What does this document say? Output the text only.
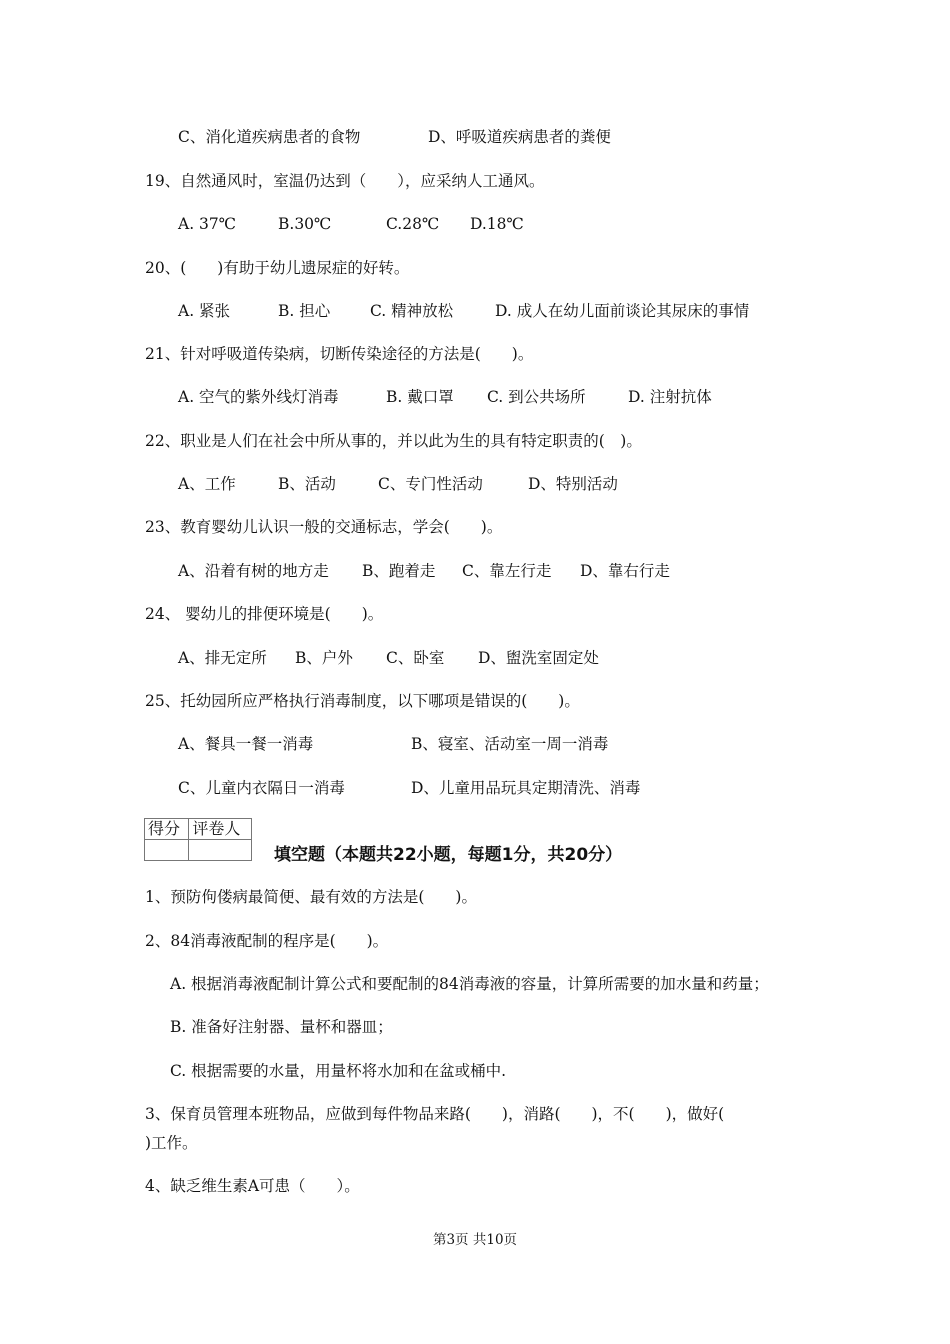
C、消化道疾病患者的食物	D、呼吸道疾病患者的粪便
19、自然通风时，室温仍达到（　　），应采纳人工通风。
A. 37℃	B.30℃	C.28℃ D.18℃
20、(　　)有助于幼儿遗尿症的好转。
A. 紧张	B. 担心	C. 精神放松	D. 成人在幼儿面前谈论其尿床的事情
21、针对呼吸道传染病，切断传染途径的方法是(　　)。
A. 空气的紫外线灯消毒	B. 戴口罩 C. 到公共场所	D. 注射抗体
22、职业是人们在社会中所从事的，并以此为生的具有特定职责的(　)。
A、工作	B、活动	C、专门性活动	D、特别活动
23、教育婴幼儿认识一般的交通标志，学会(　　)。
A、沿着有树的地方走 B、跑着走 C、靠左行走 D、靠右行走
24、 婴幼儿的排便环境是(　　)。
A、排无定所 B、户外 C、卧室 D、盥洗室固定处
25、托幼园所应严格执行消毒制度，以下哪项是错误的(　　)。
A、餐具一餐一消毒	B、寝室、活动室一周一消毒
C、儿童内衣隔日一消毒	D、儿童用品玩具定期清洗、消毒
得分	评卷人

填空题（本题共22小题，每题1分，共20分）
1、预防佝偻病最简便、最有效的方法是(　　)。
2、84消毒液配制的程序是(　　)。
A. 根据消毒液配制计算公式和要配制的84消毒液的容量，计算所需要的加水量和药量；
B. 准备好注射器、量杯和器皿；
C. 根据需要的水量，用量杯将水加和在盆或桶中.
3、保育员管理本班物品，应做到每件物品来路(　　)，消路(　　)，不(　　)，做好(
)工作。
4、缺乏维生素A可患（　　）。
第3页 共10页
